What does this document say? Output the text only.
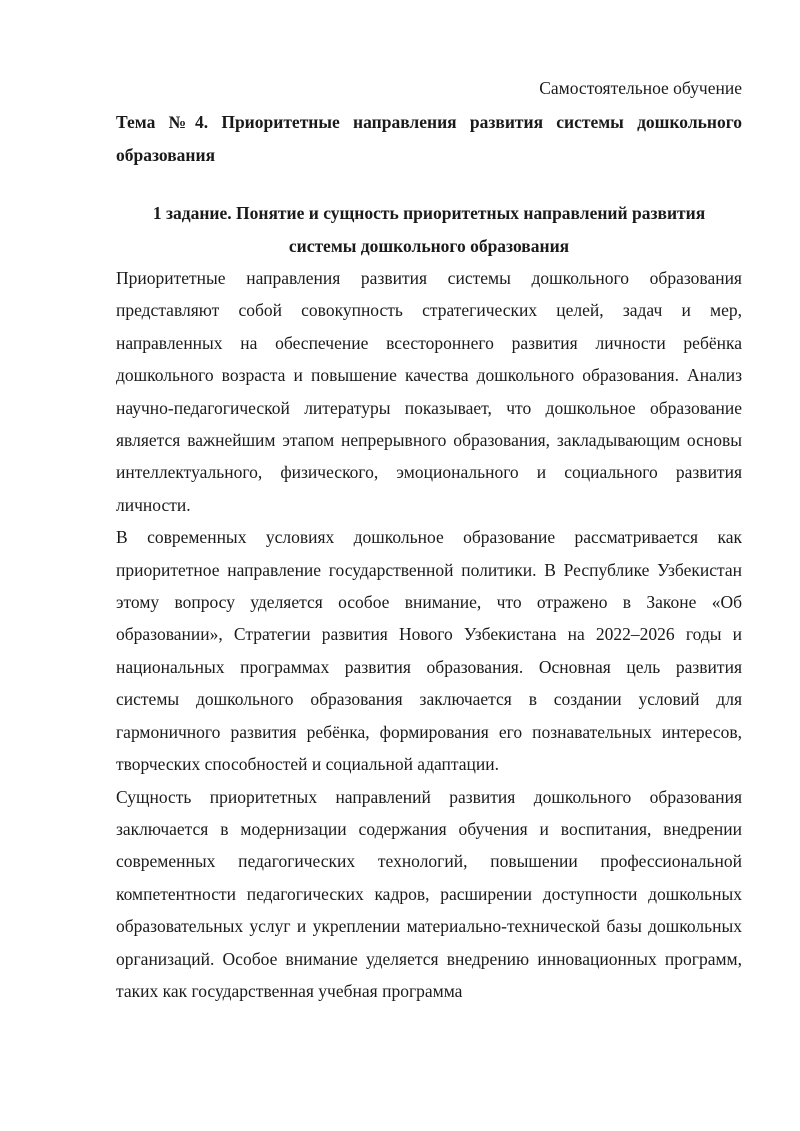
Самостоятельное обучение

Тема №4. Приоритетные направления развития системы дошкольного образования

1 задание. Понятие и сущность приоритетных направлений развития
системы дошкольного образования

Приоритетные направления развития системы дошкольного образования представляют собой совокупность стратегических целей, задач и мер, направленных на обеспечение всестороннего развития личности ребёнка дошкольного возраста и повышение качества дошкольного образования. Анализ научно-педагогической литературы показывает, что дошкольное образование является важнейшим этапом непрерывного образования, закладывающим основы интеллектуального, физического, эмоционального и социального развития личности.

В современных условиях дошкольное образование рассматривается как приоритетное направление государственной политики. В Республике Узбекистан этому вопросу уделяется особое внимание, что отражено в Законе «Об образовании», Стратегии развития Нового Узбекистана на 2022–2026 годы и национальных программах развития образования. Основная цель развития системы дошкольного образования заключается в создании условий для гармоничного развития ребёнка, формирования его познавательных интересов, творческих способностей и социальной адаптации.

Сущность приоритетных направлений развития дошкольного образования заключается в модернизации содержания обучения и воспитания, внедрении современных педагогических технологий, повышении профессиональной компетентности педагогических кадров, расширении доступности дошкольных образовательных услуг и укреплении материально-технической базы дошкольных организаций. Особое внимание уделяется внедрению инновационных программ, таких как государственная учебная программа
